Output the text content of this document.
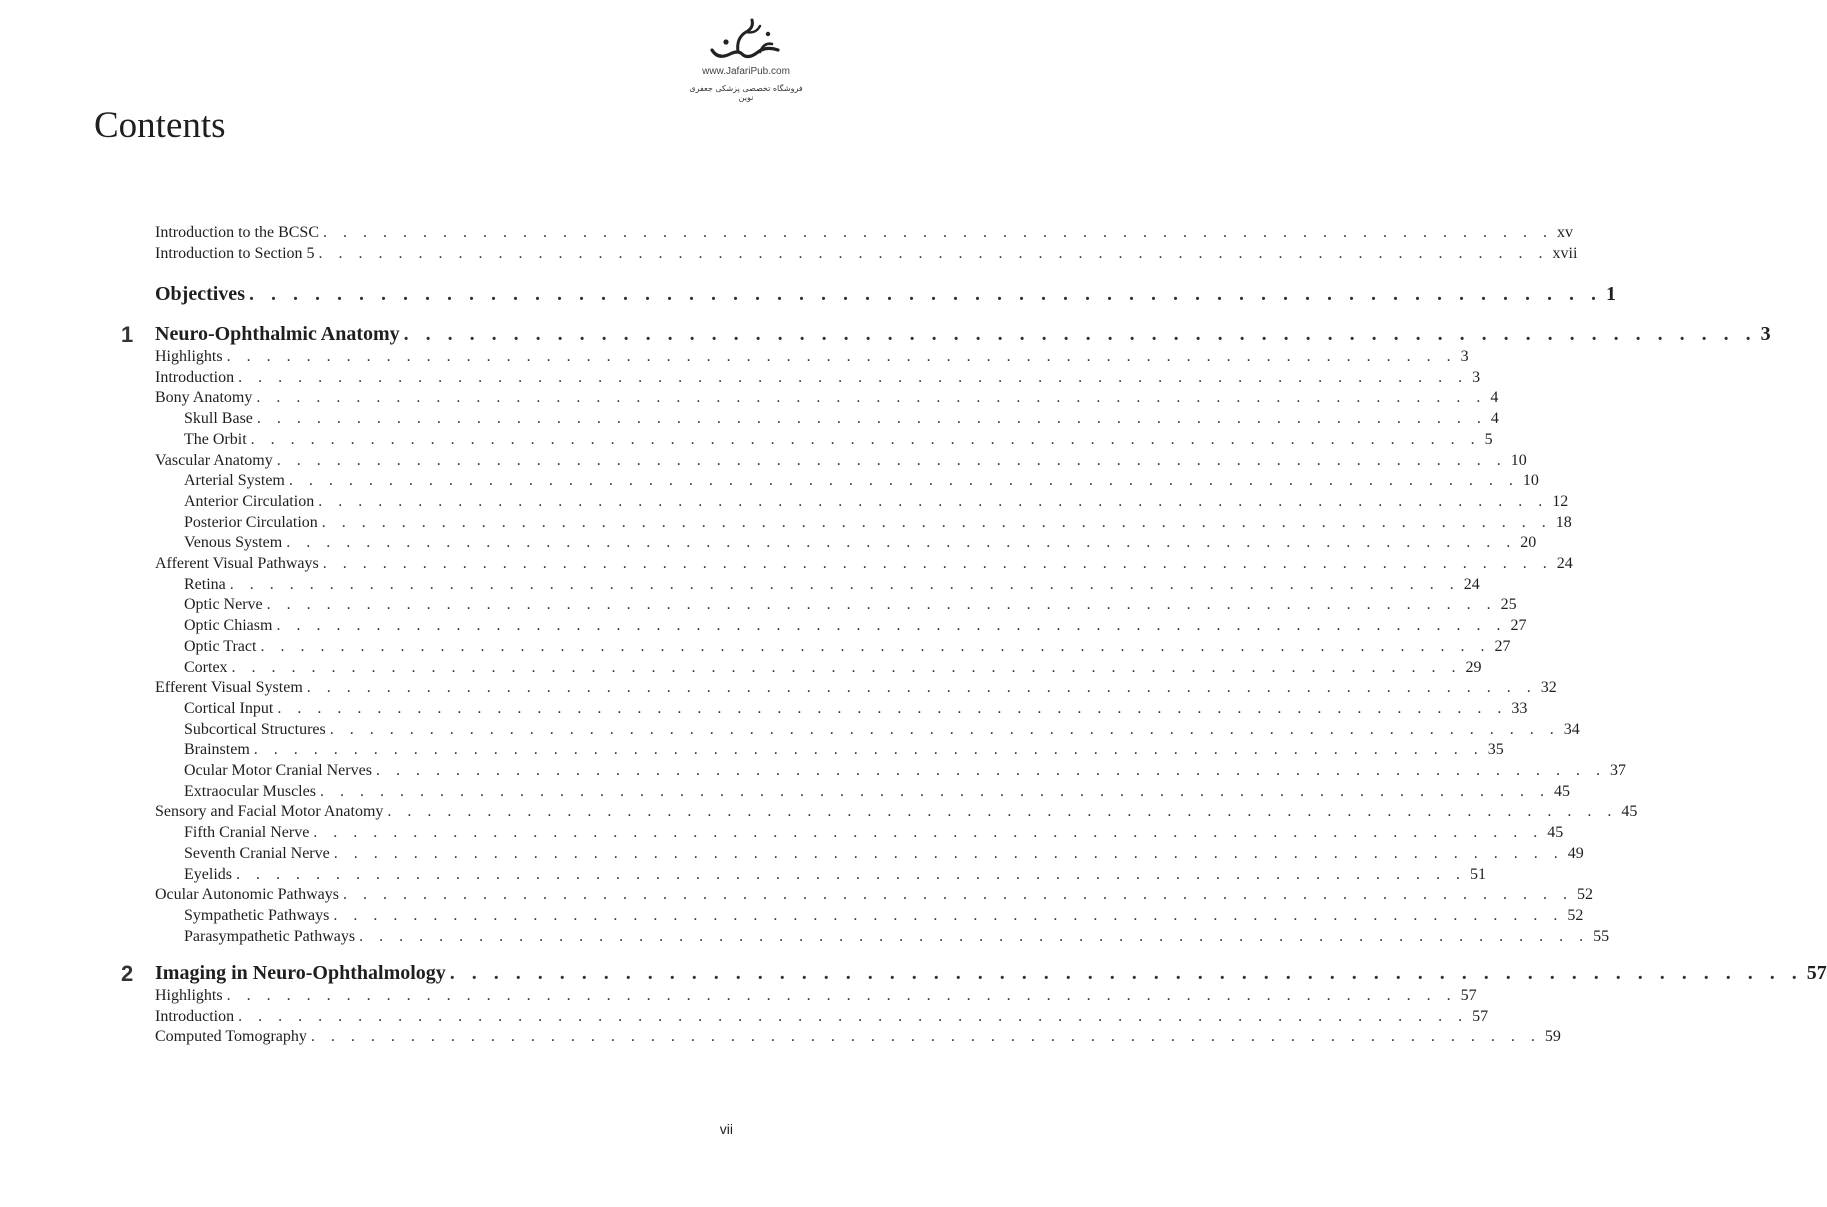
www.JafariPub.com
فروشگاه تخصصی پزشکی جعفری نوین
Contents
Introduction to the BCSC . . . . . . . . . . . . . . . . . . . . . . . . . . . . . . . . . . . . . . . . . . . . . . . . . . . . . . . . . . . . . . xv
Introduction to Section 5 . . . . . . . . . . . . . . . . . . . . . . . . . . . . . . . . . . . . . . . . . . . . . . . . . . . . . . . . . . . . . . xvii
Objectives . . . . . . . . . . . . . . . . . . . . . . . . . . . . . . . . . . . . . . . . . . . . . . . . . . . . . . . . . . . . . . 1
1 Neuro-Ophthalmic Anatomy . . . . . . . . . . . . . . . . . . . . . . . . . . . . . . . . . . . . . . . . . . . . . . . . . . . . . . . . . . . . . . 3
Highlights . . . . . . . . . . . . . . . . . . . . . . . . . . . . . . . . . . . . . . . . . . . . . . . . . . . . . . . . . . . . . . 3
Introduction . . . . . . . . . . . . . . . . . . . . . . . . . . . . . . . . . . . . . . . . . . . . . . . . . . . . . . . . . . . . . . 3
Bony Anatomy . . . . . . . . . . . . . . . . . . . . . . . . . . . . . . . . . . . . . . . . . . . . . . . . . . . . . . . . . . . . . . 4
Skull Base . . . . . . . . . . . . . . . . . . . . . . . . . . . . . . . . . . . . . . . . . . . . . . . . . . . . . . . . . . . . . . 4
The Orbit . . . . . . . . . . . . . . . . . . . . . . . . . . . . . . . . . . . . . . . . . . . . . . . . . . . . . . . . . . . . . . 5
Vascular Anatomy . . . . . . . . . . . . . . . . . . . . . . . . . . . . . . . . . . . . . . . . . . . . . . . . . . . . . . . . . . . . . . 10
Arterial System . . . . . . . . . . . . . . . . . . . . . . . . . . . . . . . . . . . . . . . . . . . . . . . . . . . . . . . . . . . . . . 10
Anterior Circulation . . . . . . . . . . . . . . . . . . . . . . . . . . . . . . . . . . . . . . . . . . . . . . . . . . . . . . . . . . . . . . 12
Posterior Circulation . . . . . . . . . . . . . . . . . . . . . . . . . . . . . . . . . . . . . . . . . . . . . . . . . . . . . . . . . . . . . . 18
Venous System . . . . . . . . . . . . . . . . . . . . . . . . . . . . . . . . . . . . . . . . . . . . . . . . . . . . . . . . . . . . . . 20
Afferent Visual Pathways . . . . . . . . . . . . . . . . . . . . . . . . . . . . . . . . . . . . . . . . . . . . . . . . . . . . . . . . . . . . . . 24
Retina . . . . . . . . . . . . . . . . . . . . . . . . . . . . . . . . . . . . . . . . . . . . . . . . . . . . . . . . . . . . . . 24
Optic Nerve . . . . . . . . . . . . . . . . . . . . . . . . . . . . . . . . . . . . . . . . . . . . . . . . . . . . . . . . . . . . . . 25
Optic Chiasm . . . . . . . . . . . . . . . . . . . . . . . . . . . . . . . . . . . . . . . . . . . . . . . . . . . . . . . . . . . . . . 27
Optic Tract . . . . . . . . . . . . . . . . . . . . . . . . . . . . . . . . . . . . . . . . . . . . . . . . . . . . . . . . . . . . . . 27
Cortex . . . . . . . . . . . . . . . . . . . . . . . . . . . . . . . . . . . . . . . . . . . . . . . . . . . . . . . . . . . . . . 29
Efferent Visual System . . . . . . . . . . . . . . . . . . . . . . . . . . . . . . . . . . . . . . . . . . . . . . . . . . . . . . . . . . . . . . 32
Cortical Input . . . . . . . . . . . . . . . . . . . . . . . . . . . . . . . . . . . . . . . . . . . . . . . . . . . . . . . . . . . . . . 33
Subcortical Structures . . . . . . . . . . . . . . . . . . . . . . . . . . . . . . . . . . . . . . . . . . . . . . . . . . . . . . . . . . . . . . 34
Brainstem . . . . . . . . . . . . . . . . . . . . . . . . . . . . . . . . . . . . . . . . . . . . . . . . . . . . . . . . . . . . . . 35
Ocular Motor Cranial Nerves . . . . . . . . . . . . . . . . . . . . . . . . . . . . . . . . . . . . . . . . . . . . . . . . . . . . . . . . . . . . . . 37
Extraocular Muscles . . . . . . . . . . . . . . . . . . . . . . . . . . . . . . . . . . . . . . . . . . . . . . . . . . . . . . . . . . . . . . 45
Sensory and Facial Motor Anatomy . . . . . . . . . . . . . . . . . . . . . . . . . . . . . . . . . . . . . . . . . . . . . . . . . . . . . . . . . . . . . . 45
Fifth Cranial Nerve . . . . . . . . . . . . . . . . . . . . . . . . . . . . . . . . . . . . . . . . . . . . . . . . . . . . . . . . . . . . . . 45
Seventh Cranial Nerve . . . . . . . . . . . . . . . . . . . . . . . . . . . . . . . . . . . . . . . . . . . . . . . . . . . . . . . . . . . . . . 49
Eyelids . . . . . . . . . . . . . . . . . . . . . . . . . . . . . . . . . . . . . . . . . . . . . . . . . . . . . . . . . . . . . . 51
Ocular Autonomic Pathways . . . . . . . . . . . . . . . . . . . . . . . . . . . . . . . . . . . . . . . . . . . . . . . . . . . . . . . . . . . . . . 52
Sympathetic Pathways . . . . . . . . . . . . . . . . . . . . . . . . . . . . . . . . . . . . . . . . . . . . . . . . . . . . . . . . . . . . . . 52
Parasympathetic Pathways . . . . . . . . . . . . . . . . . . . . . . . . . . . . . . . . . . . . . . . . . . . . . . . . . . . . . . . . . . . . . . 55
2 Imaging in Neuro-Ophthalmology . . . . . . . . . . . . . . . . . . . . . . . . . . . . . . . . . . . . . . . . . . . . . . . . . . . . . . . . . . . . . . 57
Highlights . . . . . . . . . . . . . . . . . . . . . . . . . . . . . . . . . . . . . . . . . . . . . . . . . . . . . . . . . . . . . . 57
Introduction . . . . . . . . . . . . . . . . . . . . . . . . . . . . . . . . . . . . . . . . . . . . . . . . . . . . . . . . . . . . . . 57
Computed Tomography . . . . . . . . . . . . . . . . . . . . . . . . . . . . . . . . . . . . . . . . . . . . . . . . . . . . . . . . . . . . . . 59
vii
